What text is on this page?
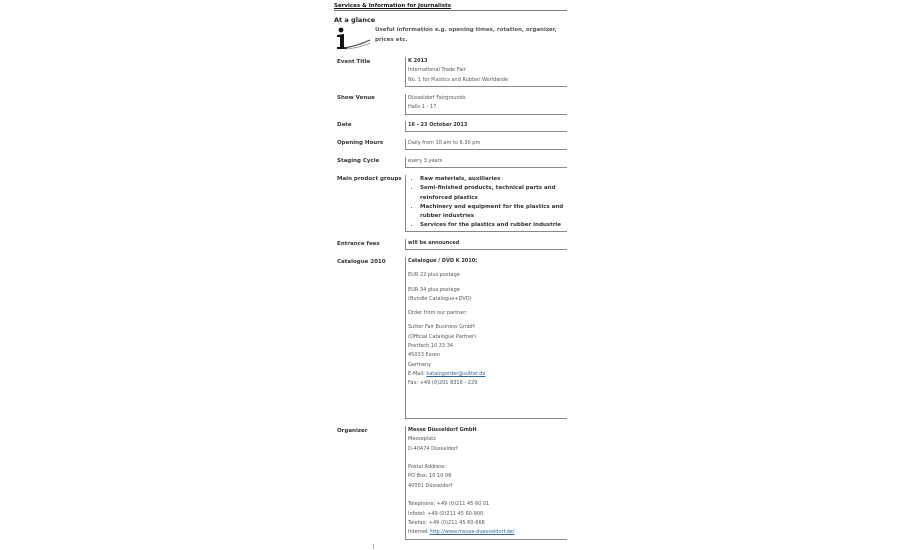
Services & Information for Journalists
At a glance
Useful information e.g. opening times, rotation, organizer, prices etc.
Event Title	K 2013
International Trade Fair
No. 1 for Plastics and Rubber Worldwide
Show Venue	Düsseldorf Fairgrounds
Halls 1 - 17
Date	16 - 23 October 2013
Opening Hours	Daily from 10 am to 6.30 pm
Staging Cycle	every 3 years
Main product groups
•	Raw materials, auxiliaries
• Semi-finished products, technical parts and reinforced plastics
• Machinery and equipment for the plastics and rubber industries
• Services for the plastics and rubber industrie
Entrance fees	will be announced
Catalogue 2010	Catalogue / DVD K 2010:
EUR 22 plus postage
EUR 34 plus postage
(Bundle Catalogue+DVD)
Order from our partner:
Sutter Fair Business GmbH
(Official Catalogue Partner)
Postfach 10 33 34
45033 Essen
Germany
E-Mail: katalogorder@sutter.de
Fax: +49 (0)201 8316 - 229
Organizer	Messe Düsseldorf GmbH
Messeplatz
D-40474 Düsseldorf
Postal Address:
PO Box: 10 10 06
40001 Düsseldorf
Telephone: +49 (0)211 45 60 01
Infotel: +49 (0)211 45 60-900
Telefax: +49 (0)211 45 60-668
Internet http://www.messe-duesseldorf.de/
